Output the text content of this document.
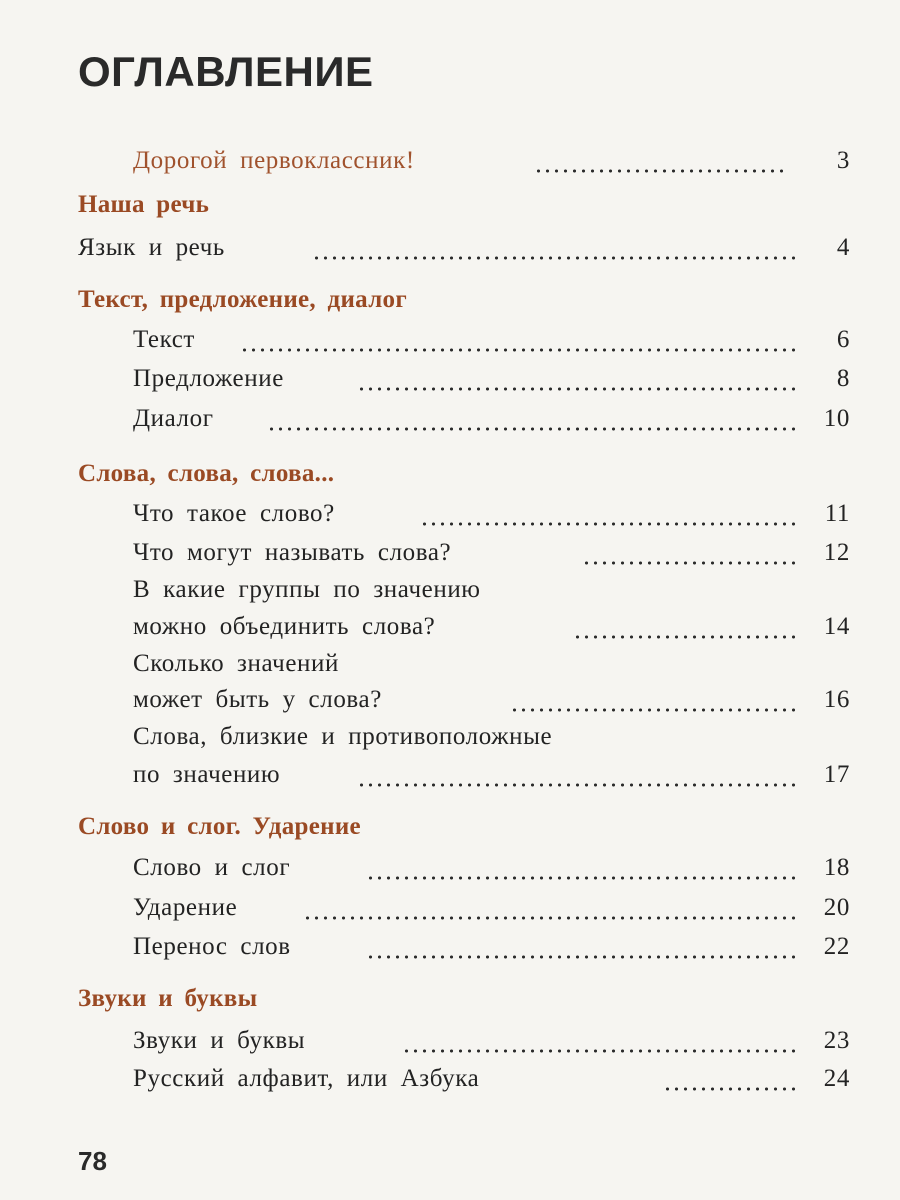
ОГЛАВЛЕНИЕ
Дорогой первоклассник!	3
Наша речь
Язык и речь	4
Текст, предложение, диалог
Текст	6
Предложение	8
Диалог	10
Слова, слова, слова...
Что такое слово?	11
Что могут называть слова?	12
В какие группы по значению
можно объединить слова?	14
Сколько значений
может быть у слова?	16
Слова, близкие и противоположные
по значению	17
Слово и слог. Ударение
Слово и слог	18
Ударение	20
Перенос слов	22
Звуки и буквы
Звуки и буквы	23
Русский алфавит, или Азбука	24
78
